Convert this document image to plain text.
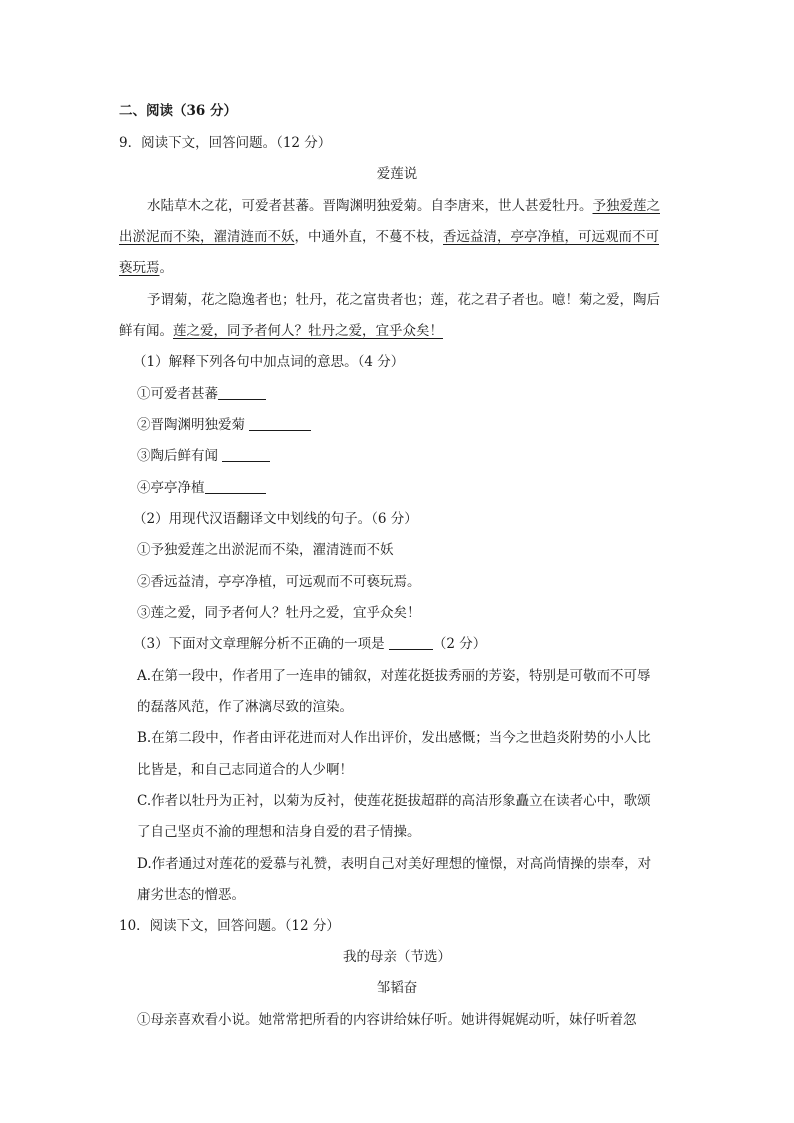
二、阅读（36 分）
9．阅读下文，回答问题。（12 分）
爱莲说
水陆草木之花，可爱者甚蕃。晋陶渊明独爱菊。自李唐来，世人甚爱牡丹。予独爱莲之
出淤泥而不染，濯清涟而不妖，中通外直，不蔓不枝，香远益清，亭亭净植，可远观而不可
亵玩焉。
予谓菊，花之隐逸者也；牡丹，花之富贵者也；莲，花之君子者也。噫！菊之爱，陶后
鲜有闻。莲之爱，同予者何人？牡丹之爱，宜乎众矣！
（1）解释下列各句中加点词的意思。（4 分）
①可爱者甚蕃
②晋陶渊明独爱菊
③陶后鲜有闻
④亭亭净植
（2）用现代汉语翻译文中划线的句子。（6 分）
①予独爱莲之出淤泥而不染，濯清涟而不妖
②香远益清，亭亭净植，可远观而不可亵玩焉。
③莲之爱，同予者何人？牡丹之爱，宜乎众矣！
（3）下面对文章理解分析不正确的一项是	（2 分）
A.在第一段中，作者用了一连串的铺叙，对莲花挺拔秀丽的芳姿，特别是可敬而不可辱
的磊落风范，作了淋漓尽致的渲染。
B.在第二段中，作者由评花进而对人作出评价，发出感慨；当今之世趋炎附势的小人比
比皆是，和自己志同道合的人少啊！
C.作者以牡丹为正衬，以菊为反衬，使莲花挺拔超群的高洁形象矗立在读者心中，歌颂
了自己坚贞不渝的理想和洁身自爱的君子情操。
D.作者通过对莲花的爱慕与礼赞，表明自己对美好理想的憧憬，对高尚情操的崇奉，对
庸劣世态的憎恶。
10．阅读下文，回答问题。（12 分）
我的母亲（节选）
邹韬奋
①母亲喜欢看小说。她常常把所看的内容讲给妹仔听。她讲得娓娓动听，妹仔听着忽
